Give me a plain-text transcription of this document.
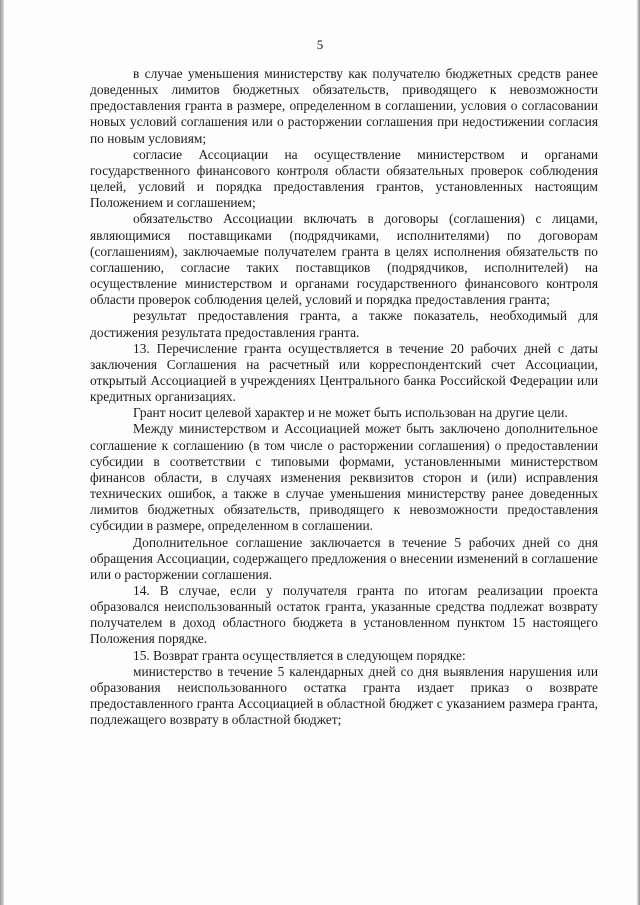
5

в случае уменьшения министерству как получателю бюджетных средств ранее доведенных лимитов бюджетных обязательств, приводящего к невозможности предоставления гранта в размере, определенном в соглашении, условия о согласовании новых условий соглашения или о расторжении соглашения при недостижении согласия по новым условиям;

согласие Ассоциации на осуществление министерством и органами государственного финансового контроля области обязательных проверок соблюдения целей, условий и порядка предоставления грантов, установленных настоящим Положением и соглашением;

обязательство Ассоциации включать в договоры (соглашения) с лицами, являющимися поставщиками (подрядчиками, исполнителями) по договорам (соглашениям), заключаемые получателем гранта в целях исполнения обязательств по соглашению, согласие таких поставщиков (подрядчиков, исполнителей) на осуществление министерством и органами государственного финансового контроля области проверок соблюдения целей, условий и порядка предоставления гранта;

результат предоставления гранта, а также показатель, необходимый для достижения результата предоставления гранта.

13. Перечисление гранта осуществляется в течение 20 рабочих дней с даты заключения Соглашения на расчетный или корреспондентский счет Ассоциации, открытый Ассоциацией в учреждениях Центрального банка Российской Федерации или кредитных организациях.

Грант носит целевой характер и не может быть использован на другие цели.

Между министерством и Ассоциацией может быть заключено дополнительное соглашение к соглашению (в том числе о расторжении соглашения) о предоставлении субсидии в соответствии с типовыми формами, установленными министерством финансов области, в случаях изменения реквизитов сторон и (или) исправления технических ошибок, а также в случае уменьшения министерству ранее доведенных лимитов бюджетных обязательств, приводящего к невозможности предоставления субсидии в размере, определенном в соглашении.

Дополнительное соглашение заключается в течение 5 рабочих дней со дня обращения Ассоциации, содержащего предложения о внесении изменений в соглашение или о расторжении соглашения.

14. В случае, если у получателя гранта по итогам реализации проекта образовался неиспользованный остаток гранта, указанные средства подлежат возврату получателем в доход областного бюджета в установленном пунктом 15 настоящего Положения порядке.

15. Возврат гранта осуществляется в следующем порядке:

министерство в течение 5 календарных дней со дня выявления нарушения или образования неиспользованного остатка гранта издает приказ о возврате предоставленного гранта Ассоциацией в областной бюджет с указанием размера гранта, подлежащего возврату в областной бюджет;
